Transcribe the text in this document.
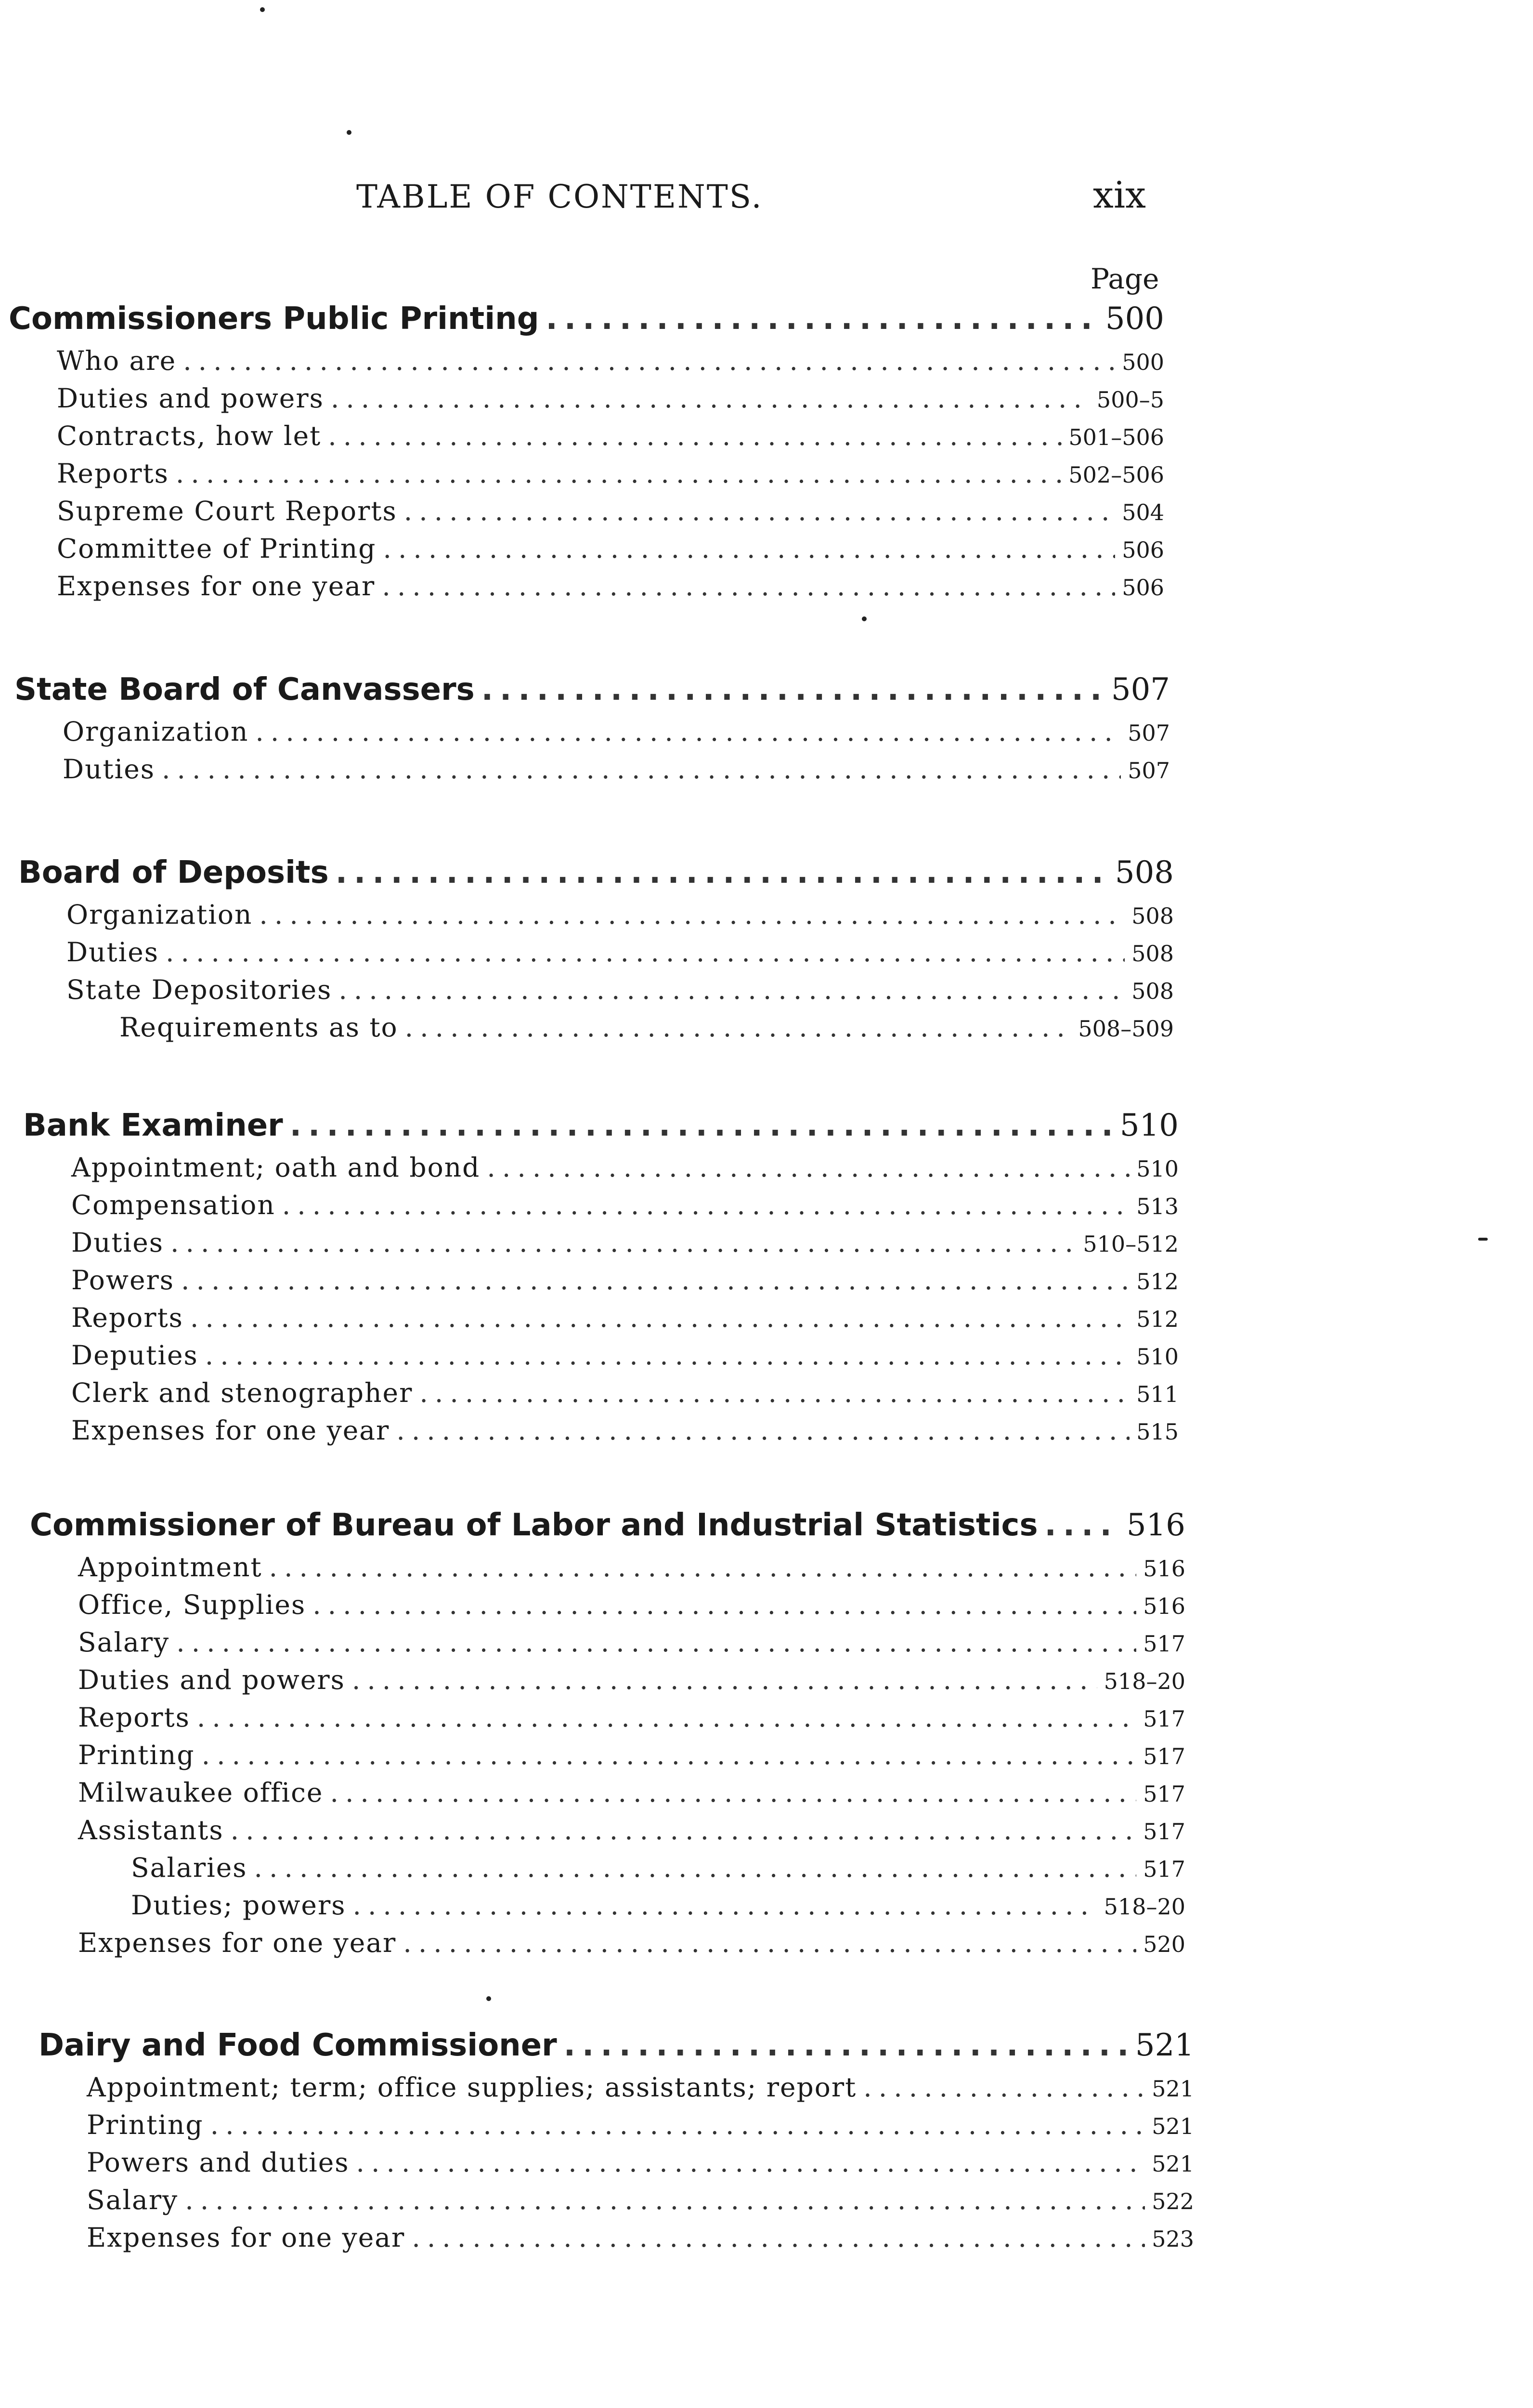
TABLE OF CONTENTS.	xix
Page
Commissioners Public Printing .....	500
Who are .....	500
Duties and powers .....	500–5
Contracts, how let .....	501–506
Reports .....	502–506
Supreme Court Reports .....	504
Committee of Printing .....	506
Expenses for one year .....	506
State Board of Canvassers .....	507
Organization .....	507
Duties .....	507
Board of Deposits .....	508
Organization .....	508
Duties .....	508
State Depositories .....	508
Requirements as to .....	508–509
Bank Examiner .....	510
Appointment; oath and bond .....	510
Compensation .....	513
Duties .....	510–512
Powers .....	512
Reports .....	512
Deputies .....	510
Clerk and stenographer .....	511
Expenses for one year .....	515
Commissioner of Bureau of Labor and Industrial Statistics .....	516
Appointment .....	516
Office, Supplies .....	516
Salary .....	517
Duties and powers .....	518–20
Reports .....	517
Printing .....	517
Milwaukee office .....	517
Assistants .....	517
Salaries .....	517
Duties; powers .....	518–20
Expenses for one year .....	520
Dairy and Food Commissioner .....	521
Appointment; term; office supplies; assistants; report .....	521
Printing .....	521
Powers and duties .....	521
Salary .....	522
Expenses for one year .....	523
